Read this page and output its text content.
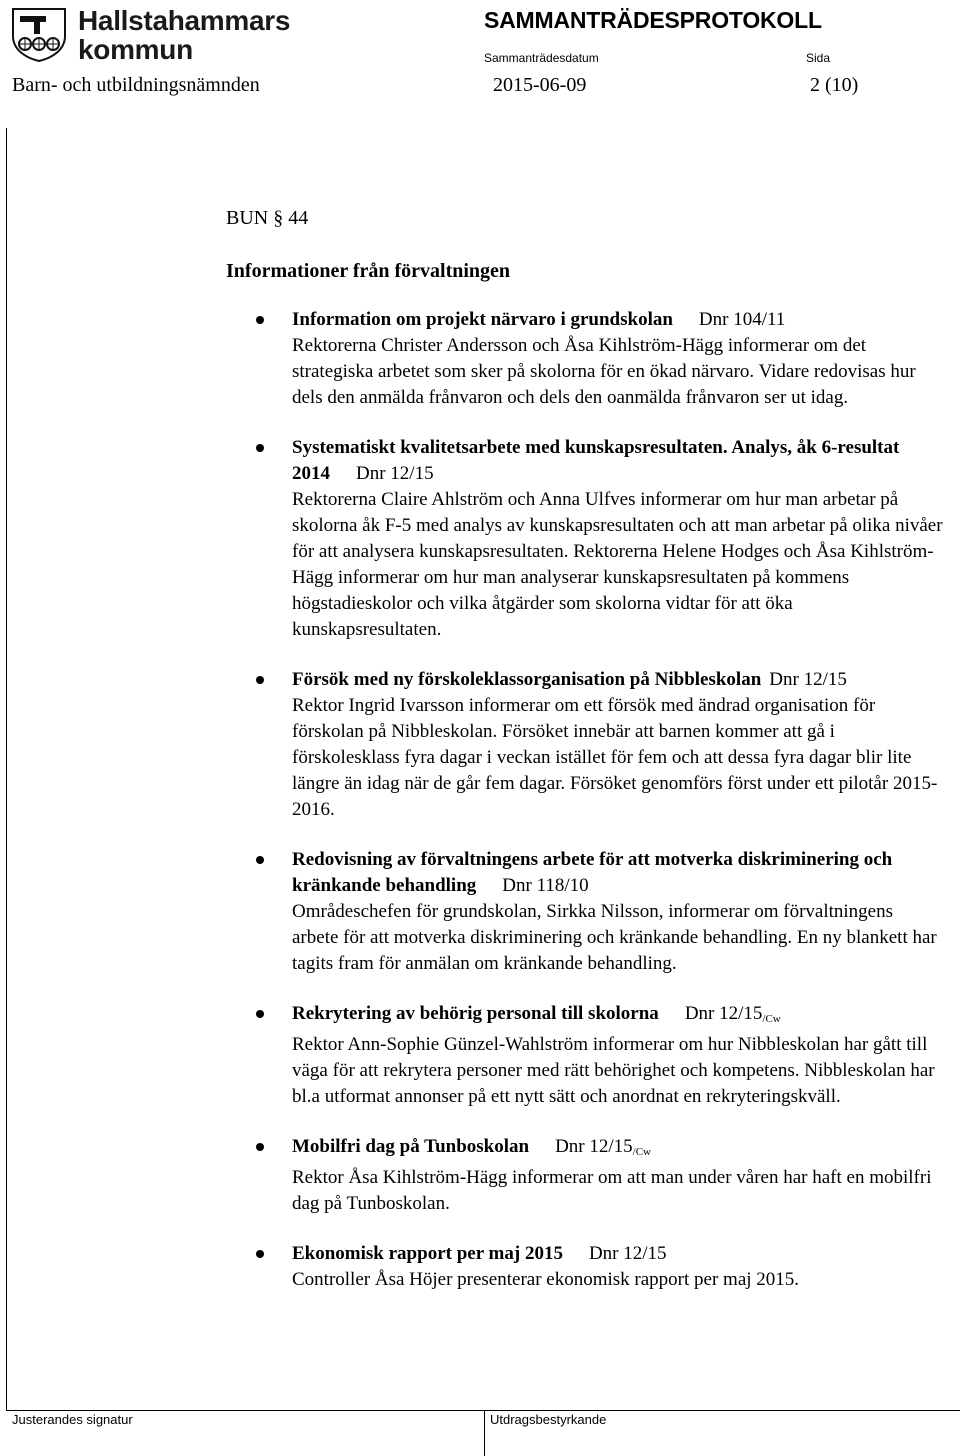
Hallstahammars
kommun
SAMMANTRÄDESPROTOKOLL
Sammanträdesdatum	Sida
Barn- och utbildningsnämnden	2015-06-09	2 (10)
BUN § 44
Informationer från förvaltningen
Information om projekt närvaro i grundskolan Dnr 104/11
Rektorerna Christer Andersson och Åsa Kihlström-Hägg informerar om det strategiska arbetet som sker på skolorna för en ökad närvaro. Vidare redovisas hur dels den anmälda frånvaron och dels den oanmälda frånvaron ser ut idag.
Systematiskt kvalitetsarbete med kunskapsresultaten. Analys, åk 6-resultat 2014 Dnr 12/15
Rektorerna Claire Ahlström och Anna Ulfves informerar om hur man arbetar på skolorna åk F-5 med analys av kunskapsresultaten och att man arbetar på olika nivåer för att analysera kunskapsresultaten. Rektorerna Helene Hodges och Åsa Kihlström-Hägg informerar om hur man analyserar kunskapsresultaten på kommens högstadieskolor och vilka åtgärder som skolorna vidtar för att öka kunskapsresultaten.
Försök med ny förskoleklassorganisation på Nibbleskolan Dnr 12/15
Rektor Ingrid Ivarsson informerar om ett försök med ändrad organisation för förskolan på Nibbleskolan. Försöket innebär att barnen kommer att gå i förskolesklass fyra dagar i veckan istället för fem och att dessa fyra dagar blir lite längre än idag när de går fem dagar. Försöket genomförs först under ett pilotår 2015-2016.
Redovisning av förvaltningens arbete för att motverka diskriminering och kränkande behandling Dnr 118/10
Områdeschefen för grundskolan, Sirkka Nilsson, informerar om förvaltningens arbete för att motverka diskriminering och kränkande behandling. En ny blankett har tagits fram för anmälan om kränkande behandling.
Rekrytering av behörig personal till skolorna Dnr $12/15_{/Cw}$
Rektor Ann-Sophie Günzel-Wahlström informerar om hur Nibbleskolan har gått till väga för att rekrytera personer med rätt behörighet och kompetens. Nibbleskolan har bl.a utformat annonser på ett nytt sätt och anordnat en rekryteringskväll.
Mobilfri dag på Tunboskolan Dnr $12/15_{/Cw}$
Rektor Åsa Kihlström-Hägg informerar om att man under våren har haft en mobilfri dag på Tunboskolan.
Ekonomisk rapport per maj 2015 Dnr 12/15
Controller Åsa Höjer presenterar ekonomisk rapport per maj 2015.
Justerandes signatur	Utdragsbestyrkande
